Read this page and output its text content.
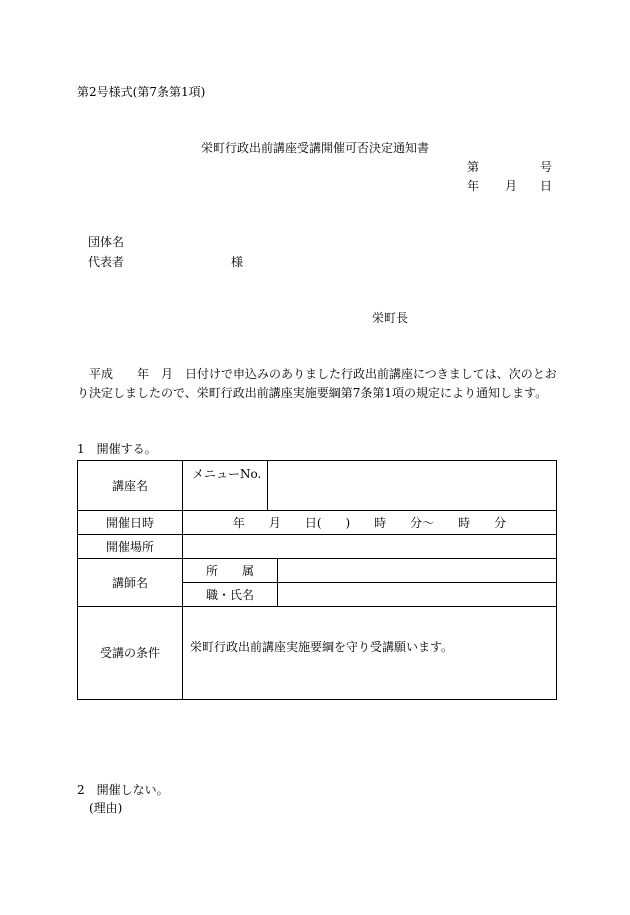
第2号様式(第7条第1項)
栄町行政出前講座受講開催可否決定通知書
第	号
年 月 日
団体名
代表者	様
栄町長
平成　　年　月　日付けで申込みのありました行政出前講座につきましては、次のとお
り決定しましたので、栄町行政出前講座実施要綱第7条第1項の規定により通知します。
1　開催する。
講座名	メニューNo.		
開催日時	年　　月　　日(　　)　　時　　分〜　　時　　分		
開催場所			
講師名	所　　属		
	職・氏名		
受講の条件	栄町行政出前講座実施要綱を守り受講願います。		
2　開催しない。
(理由)
